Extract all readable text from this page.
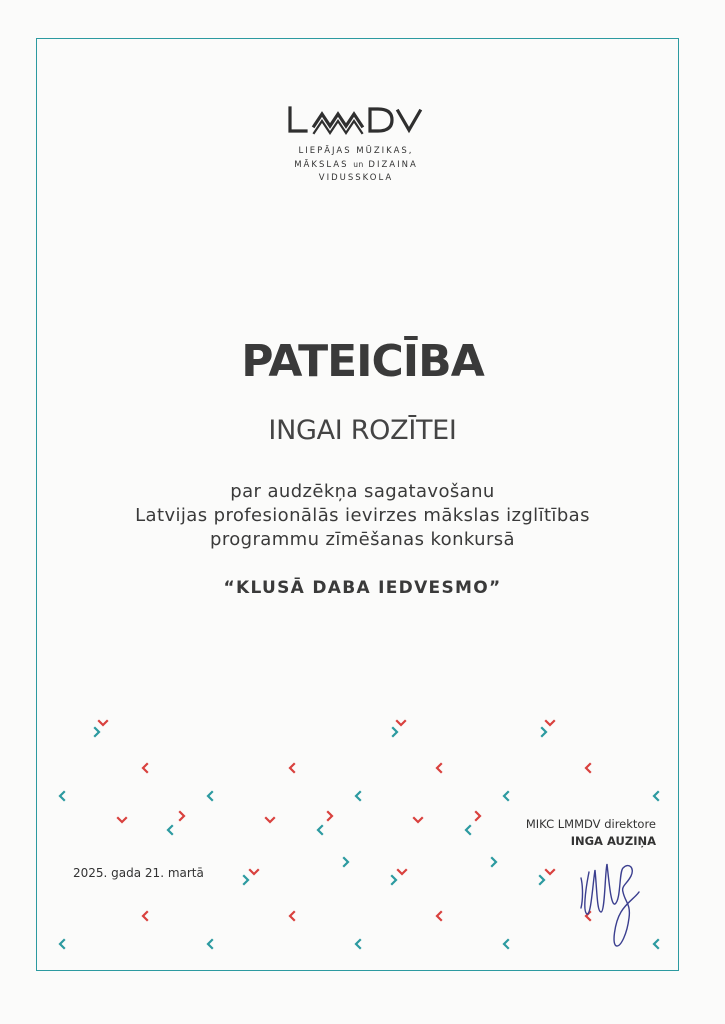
LIEPĀJAS MŪZIKAS,
MĀKSLAS un DIZAINA
VIDUSSKOLA
PATEICĪBA
INGAI ROZĪTEI
par audzēkņa sagatavošanu
Latvijas profesionālās ievirzes mākslas izglītības
programmu zīmēšanas konkursā
“KLUSĀ DABA IEDVESMO”
2025. gada 21. martā
MIKC LMMDV direktore
INGA AUZIŅA
